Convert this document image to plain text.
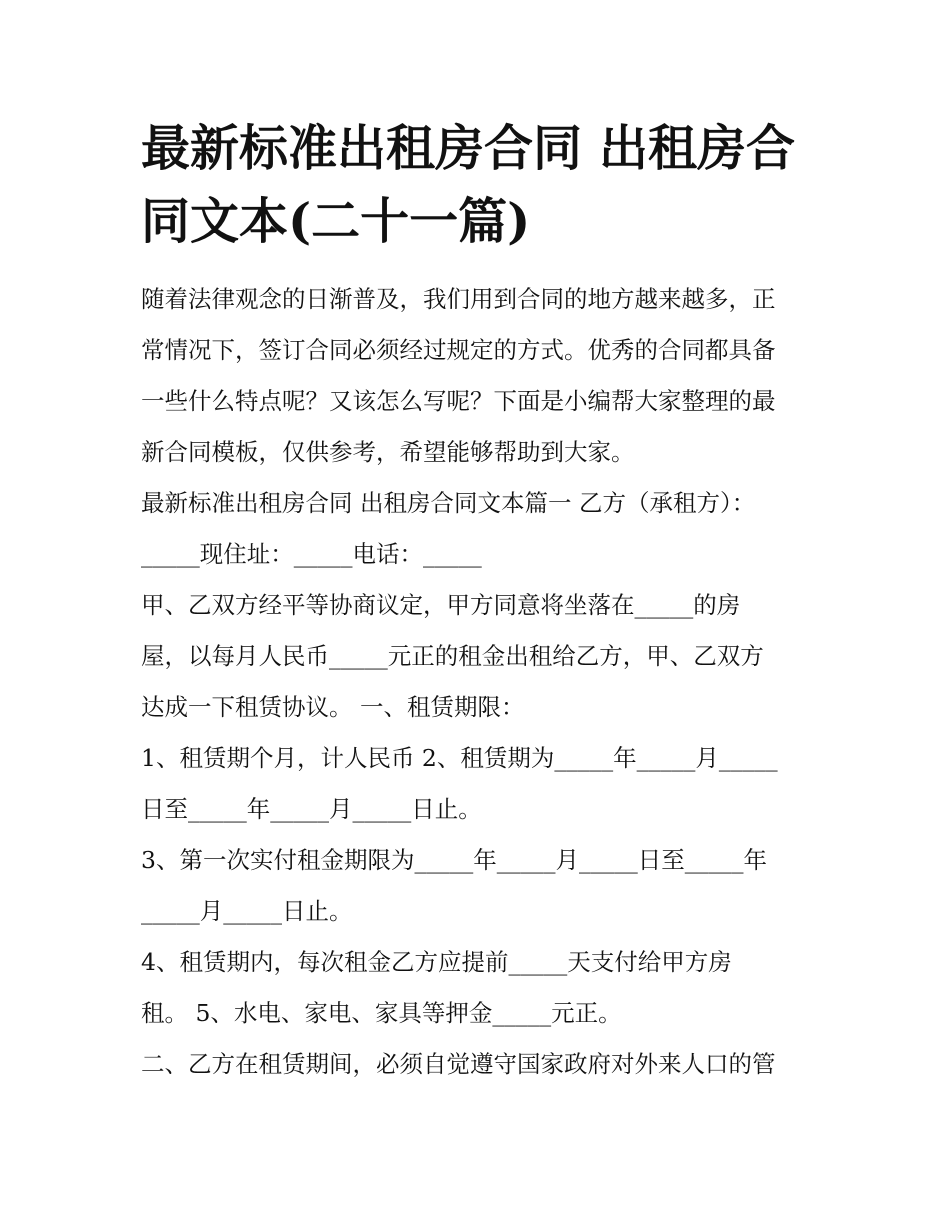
最新标准出租房合同 出租房合
同文本(二十一篇)
随着法律观念的日渐普及，我们用到合同的地方越来越多，正
常情况下，签订合同必须经过规定的方式。优秀的合同都具备
一些什么特点呢？又该怎么写呢？下面是小编帮大家整理的最
新合同模板，仅供参考，希望能够帮助到大家。
最新标准出租房合同 出租房合同文本篇一 乙方（承租方）：
_____现住址：_____电话：_____
甲、乙双方经平等协商议定，甲方同意将坐落在_____的房
屋，以每月人民币_____元正的租金出租给乙方，甲、乙双方
达成一下租赁协议。 一、租赁期限：
1、租赁期个月，计人民币 2、租赁期为_____年_____月_____
日至_____年_____月_____日止。
3、第一次实付租金期限为_____年_____月_____日至_____年
_____月_____日止。
4、租赁期内，每次租金乙方应提前_____天支付给甲方房
租。 5、水电、家电、家具等押金_____元正。
二、乙方在租赁期间，必须自觉遵守国家政府对外来人口的管
